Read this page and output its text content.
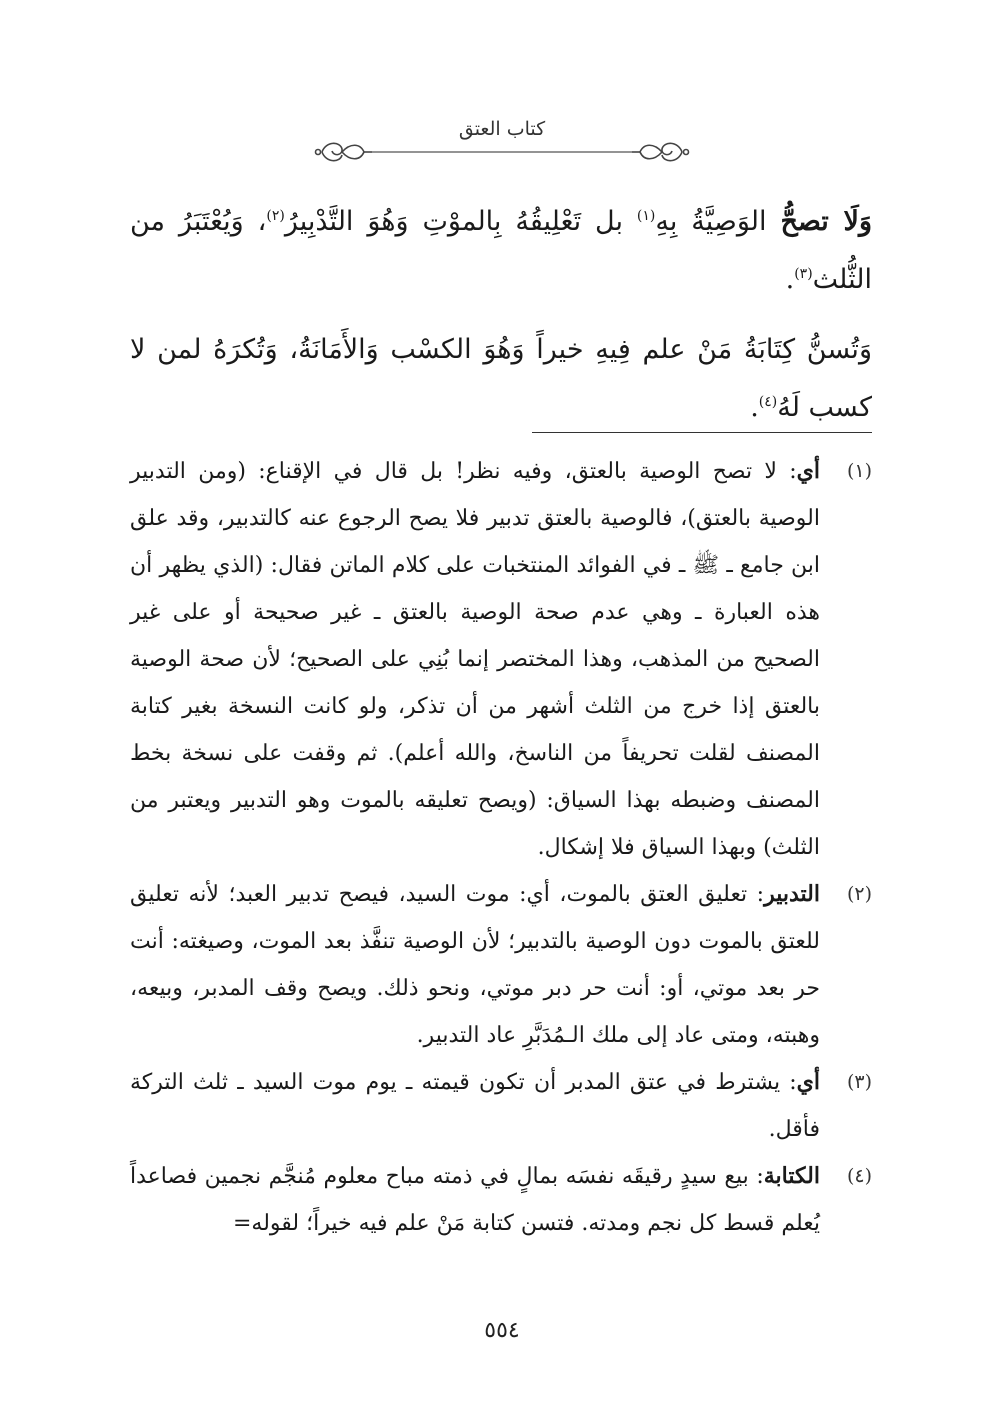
كتاب العتق

وَلَا تصحُّ الوَصِيَّةُ بِهِ$^{(١)}$ بل تَعْلِيقُهُ بِالموْتِ وَهُوَ التَّدْبِيرُ$^{(٢)}$، وَيُعْتَبَرُ من الثُّلث$^{(٣)}$.

وَتُسنُّ كِتَابَةُ مَنْ علم فِيهِ خيراً وَهُوَ الكسْب وَالأَمَانَةُ، وَتُكرَهُ لمن لا كسب لَهُ$^{(٤)}$.

(١)
أي: لا تصح الوصية بالعتق، وفيه نظر! بل قال في الإقناع: (ومن التدبير الوصية بالعتق)، فالوصية بالعتق تدبير فلا يصح الرجوع عنه كالتدبير، وقد علق ابن جامع ـ ﷺ ـ في الفوائد المنتخبات على كلام الماتن فقال: (الذي يظهر أن هذه العبارة ـ وهي عدم صحة الوصية بالعتق ـ غير صحيحة أو على غير الصحيح من المذهب، وهذا المختصر إنما بُنِي على الصحيح؛ لأن صحة الوصية بالعتق إذا خرج من الثلث أشهر من أن تذكر، ولو كانت النسخة بغير كتابة المصنف لقلت تحريفاً من الناسخ، والله أعلم). ثم وقفت على نسخة بخط المصنف وضبطه بهذا السياق: (ويصح تعليقه بالموت وهو التدبير ويعتبر من الثلث) وبهذا السياق فلا إشكال.

(٢)
التدبير: تعليق العتق بالموت، أي: موت السيد، فيصح تدبير العبد؛ لأنه تعليق للعتق بالموت دون الوصية بالتدبير؛ لأن الوصية تنفَّذ بعد الموت، وصيغته: أنت حر بعد موتي، أو: أنت حر دبر موتي، ونحو ذلك. ويصح وقف المدبر، وبيعه، وهبته، ومتى عاد إلى ملك الـمُدَبَّرِ عاد التدبير.

(٣)
أي: يشترط في عتق المدبر أن تكون قيمته ـ يوم موت السيد ـ ثلث التركة فأقل.

(٤)
الكتابة: بيع سيدٍ رقيقَه نفسَه بمالٍ في ذمته مباح معلوم مُنجَّم نجمين فصاعداً يُعلم قسط كل نجم ومدته. فتسن كتابة مَنْ علم فيه خيراً؛ لقوله=

٥٥٤
